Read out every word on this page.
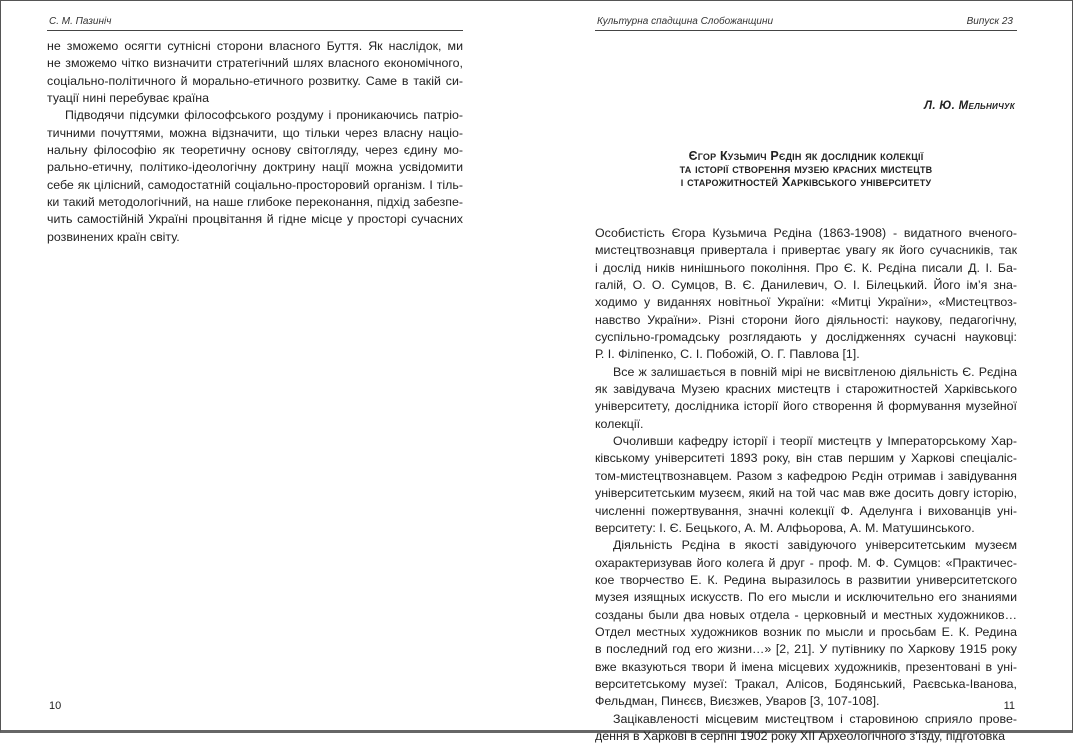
С. М. Пазиніч
не зможемо осягти сутнісні сторони власного Буття. Як наслідок, ми
не зможемо чітко визначити стратегічний шлях власного економічного,
соціально-політичного й морально-етичного розвитку. Саме в такій си-
туації нині перебуває країна
Підводячи підсумки філософського роздуму і проникаючись патріо-
тичними почуттями, можна відзначити, що тільки через власну націо-
нальну філософію як теоретичну основу світогляду, через єдину мо-
рально-етичну, політико-ідеологічну доктрину нації можна усвідомити
себе як цілісний, самодостатній соціально-просторовий організм. І тіль-
ки такий методологічний, на наше глибоке переконання, підхід забезпе-
чить самостійній Україні процвітання й гідне місце у просторі сучасних
розвинених країн світу.
10
Культурна спадщина Слобожанщини	Випуск 23
Л. Ю. Мельничук
Єгор Кузьмич Рєдін як дослідник колекції
та історії створення музею красних мистецтв
і старожитностей Харківського університету
Особистість Єгора Кузьмича Рєдіна (1863-1908) - видатного вченого-
мистецтвознавця привертала і привертає увагу як його сучасників, так
і дослід ників нинішнього покоління. Про Є. К. Рєдіна писали Д. І. Ба-
галій, О. О. Сумцов, В. Є. Данилевич, О. І. Білецький. Його ім’я зна-
ходимо у виданнях новітньої України: «Митці України», «Мистецтвоз-
навство України». Різні сторони його діяльності: наукову, педагогічну,
суспільно-громадську розглядають у дослідженнях сучасні науковці:
Р. І. Філіпенко, С. І. Побожій, О. Г. Павлова [1].
Все ж залишається в повній мірі не висвітленою діяльність Є. Рєдіна
як завідувача Музею красних мистецтв і старожитностей Харківського
університету, дослідника історії його створення й формування музейної
колекції.
Очоливши кафедру історії і теорії мистецтв у Імператорському Хар-
ківському університеті 1893 року, він став першим у Харкові спеціаліс-
том-мистецтвознавцем. Разом з кафедрою Рєдін отримав і завідування
університетським музеєм, який на той час мав вже досить довгу історію,
численні пожертвування, значні колекції Ф. Аделунга і вихованців уні-
верситету: І. Є. Бецького, А. М. Алфьорова, А. М. Матушинського.
Діяльність Рєдіна в якості завідуючого університетським музеєм
охарактеризував його колега й друг - проф. М. Ф. Сумцов: «Практичес-
кое творчество Е. К. Редина выразилось в развитии университетского
музея изящных искусств. По его мысли и исключительно его знаниями
созданы были два новых отдела - церковный и местных художников…
Отдел местных художников возник по мысли и просьбам Е. К. Редина
в последний год его жизни…» [2, 21]. У путівнику по Харкову 1915 року
вже вказуються твори й імена місцевих художників, презентовані в уні-
верситетському музеї: Тракал, Алісов, Бодянський, Раєвська-Іванова,
Фельдман, Пинєєв, Виєзжев, Уваров [3, 107-108].
Зацікавленості місцевим мистецтвом і старовиною сприяло прове-
дення в Харкові в серпні 1902 року XII Археологічного з’їзду, підготовка
11
